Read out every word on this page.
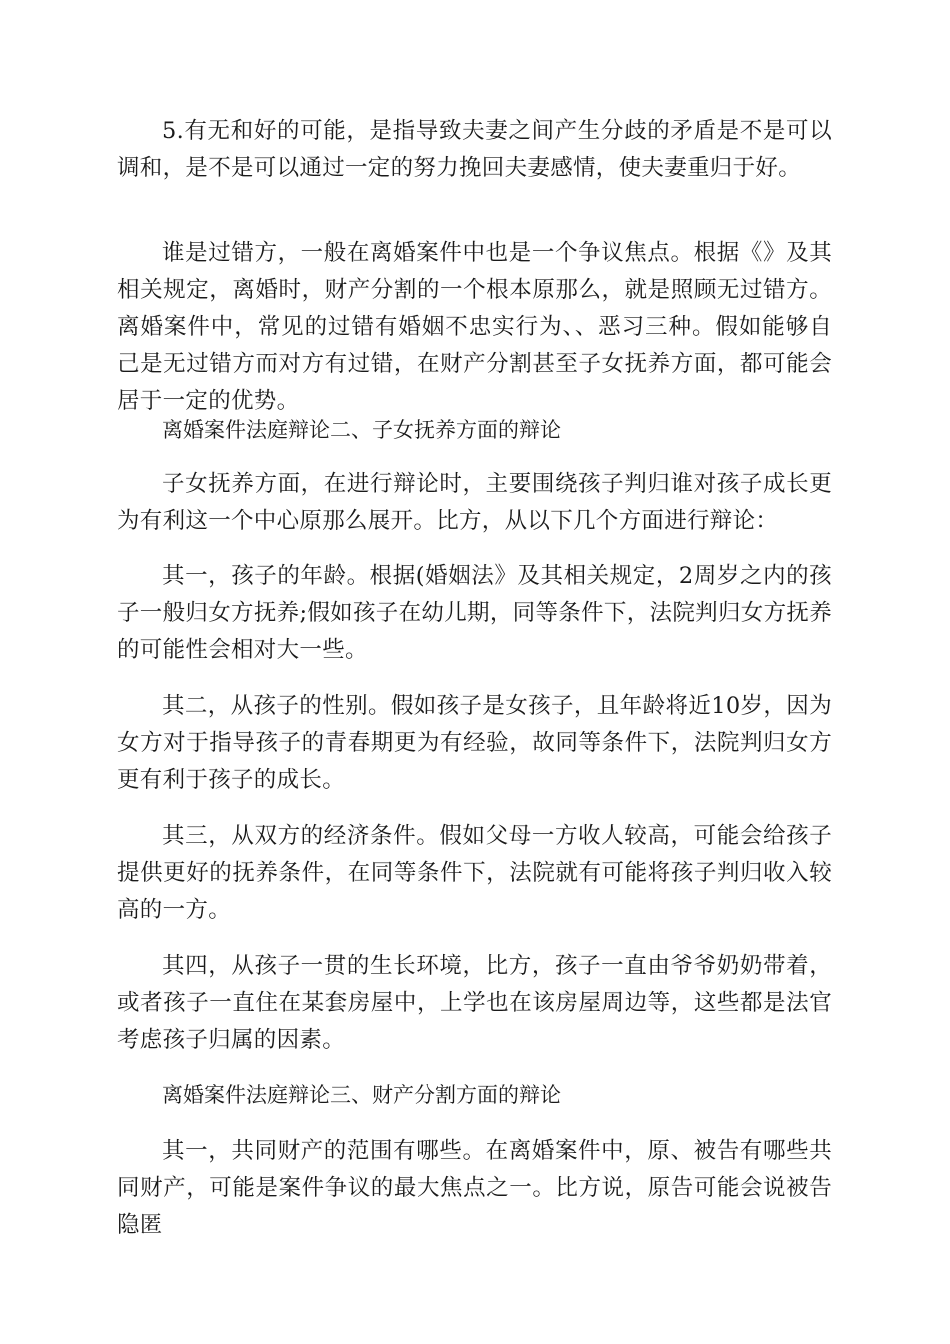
5.有无和好的可能，是指导致夫妻之间产生分歧的矛盾是不是可以调和，是不是可以通过一定的努力挽回夫妻感情，使夫妻重归于好。

谁是过错方，一般在离婚案件中也是一个争议焦点。根据《》及其相关规定，离婚时，财产分割的一个根本原那么，就是照顾无过错方。离婚案件中，常见的过错有婚姻不忠实行为、、恶习三种。假如能够自己是无过错方而对方有过错，在财产分割甚至子女抚养方面，都可能会居于一定的优势。

离婚案件法庭辩论二、子女抚养方面的辩论

子女抚养方面，在进行辩论时，主要围绕孩子判归谁对孩子成长更为有利这一个中心原那么展开。比方，从以下几个方面进行辩论：

其一，孩子的年龄。根据(婚姻法》及其相关规定，2周岁之内的孩子一般归女方抚养;假如孩子在幼儿期，同等条件下，法院判归女方抚养的可能性会相对大一些。

其二，从孩子的性别。假如孩子是女孩子，且年龄将近10岁，因为女方对于指导孩子的青春期更为有经验，故同等条件下，法院判归女方更有利于孩子的成长。

其三，从双方的经济条件。假如父母一方收人较高，可能会给孩子提供更好的抚养条件，在同等条件下，法院就有可能将孩子判归收入较高的一方。

其四，从孩子一贯的生长环境，比方，孩子一直由爷爷奶奶带着，或者孩子一直住在某套房屋中，上学也在该房屋周边等，这些都是法官考虑孩子归属的因素。

离婚案件法庭辩论三、财产分割方面的辩论

其一，共同财产的范围有哪些。在离婚案件中，原、被告有哪些共同财产，可能是案件争议的最大焦点之一。比方说，原告可能会说被告隐匿
